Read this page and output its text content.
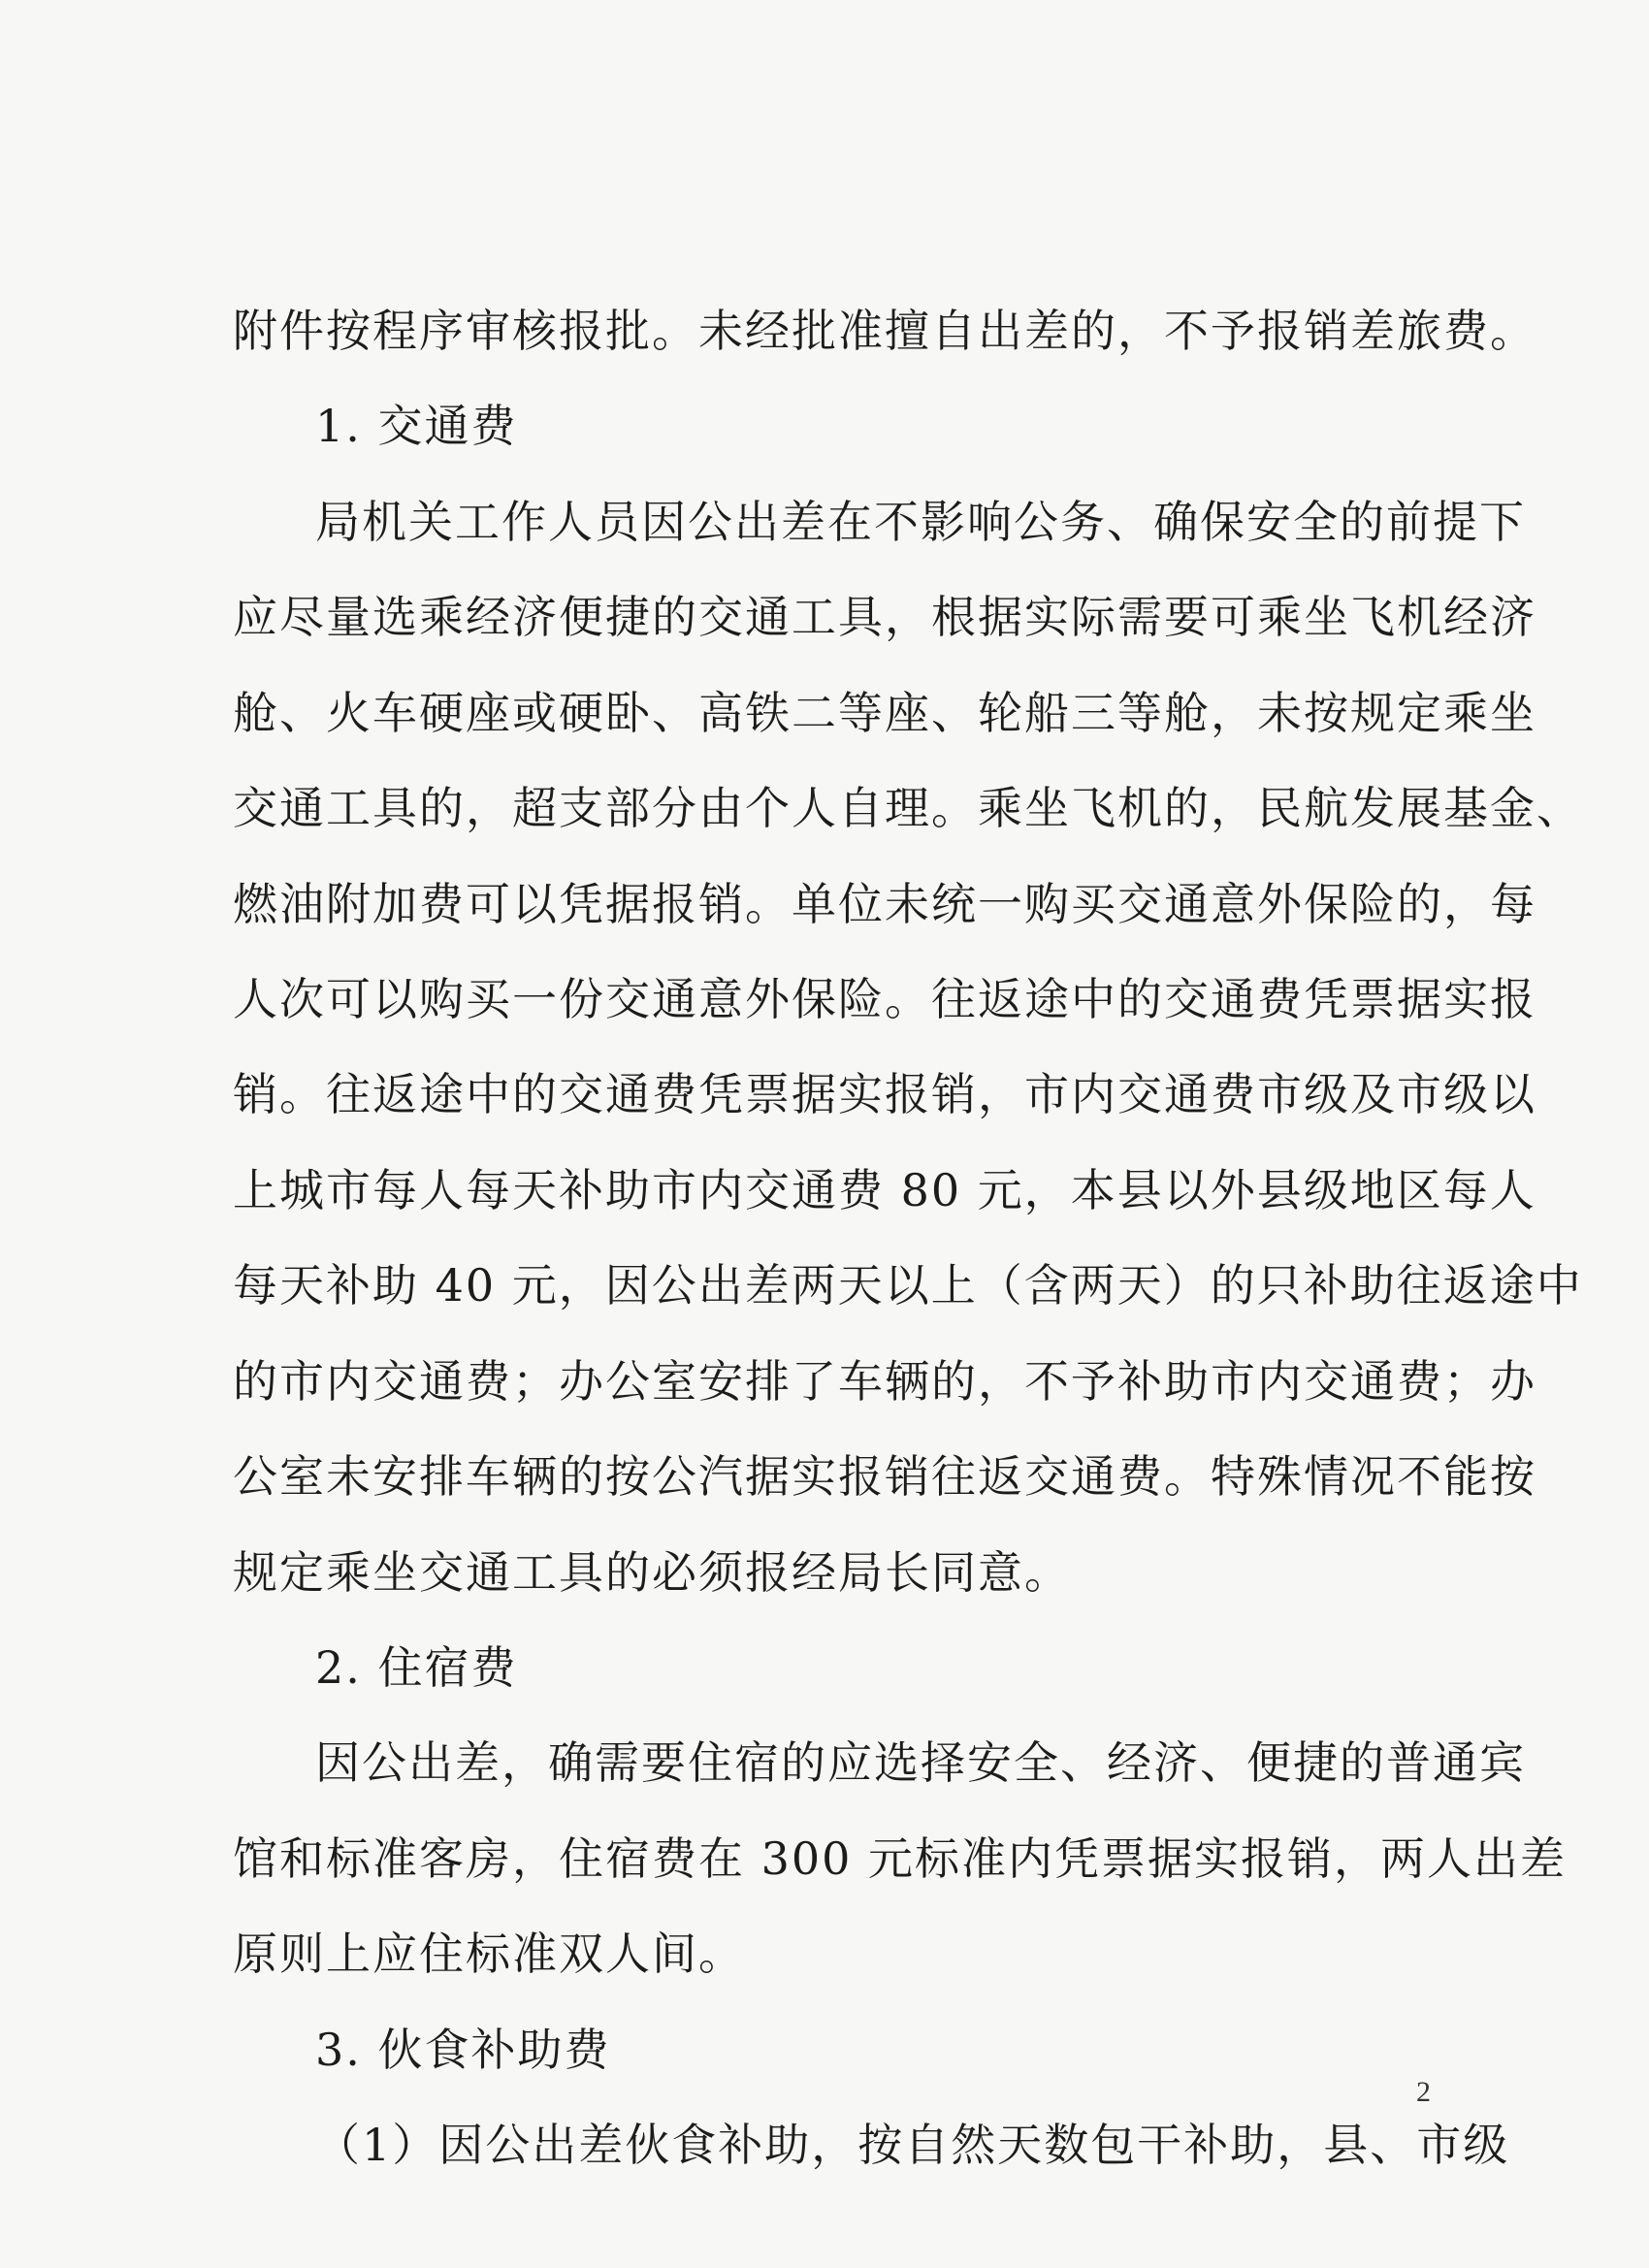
附件按程序审核报批。未经批准擅自出差的，不予报销差旅费。
1. 交通费
局机关工作人员因公出差在不影响公务、确保安全的前提下
应尽量选乘经济便捷的交通工具，根据实际需要可乘坐飞机经济
舱、火车硬座或硬卧、高铁二等座、轮船三等舱，未按规定乘坐
交通工具的，超支部分由个人自理。乘坐飞机的，民航发展基金、
燃油附加费可以凭据报销。单位未统一购买交通意外保险的，每
人次可以购买一份交通意外保险。往返途中的交通费凭票据实报
销。往返途中的交通费凭票据实报销，市内交通费市级及市级以
上城市每人每天补助市内交通费 80 元，本县以外县级地区每人
每天补助 40 元，因公出差两天以上（含两天）的只补助往返途中
的市内交通费；办公室安排了车辆的，不予补助市内交通费；办
公室未安排车辆的按公汽据实报销往返交通费。特殊情况不能按
规定乘坐交通工具的必须报经局长同意。
2. 住宿费
因公出差，确需要住宿的应选择安全、经济、便捷的普通宾
馆和标准客房，住宿费在 300 元标准内凭票据实报销，两人出差
原则上应住标准双人间。
3. 伙食补助费
（1）因公出差伙食补助，按自然天数包干补助，县、市级
2
